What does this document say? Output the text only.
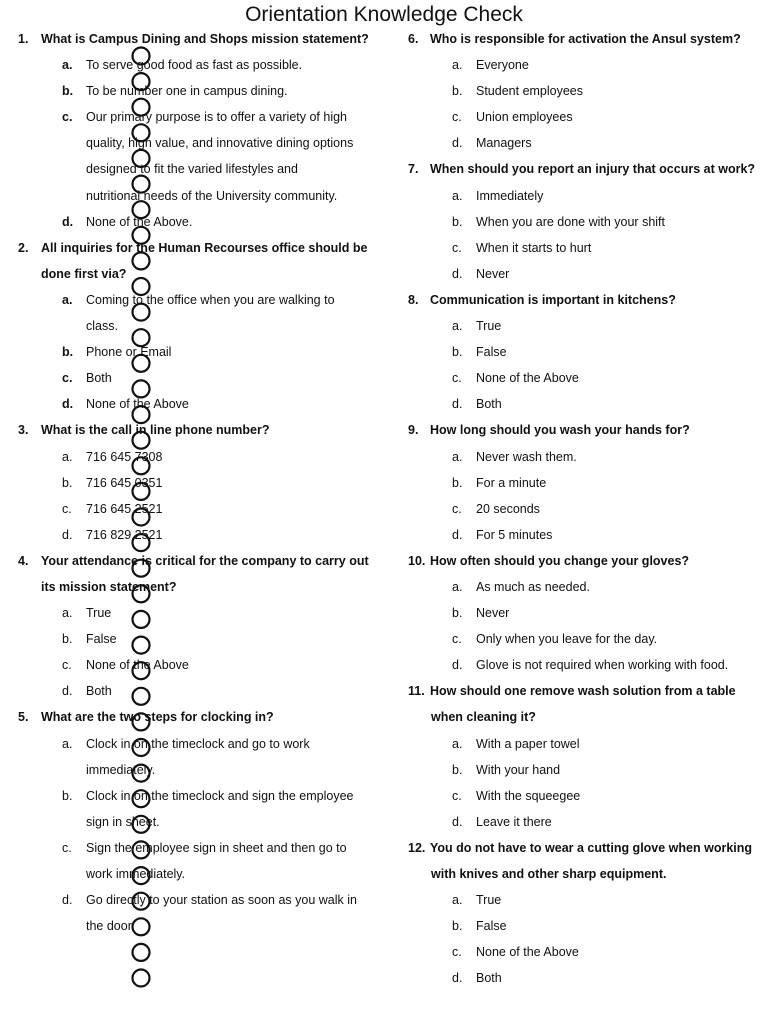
Orientation Knowledge Check
1. What is Campus Dining and Shops mission statement?
a. To serve good food as fast as possible.
b. To be number one in campus dining.
c. Our primary purpose is to offer a variety of high
quality, high value, and innovative dining options
designed to fit the varied lifestyles and
nutritional needs of the University community.
d. None of the Above.
2. All inquiries for the Human Recourses office should be
done first via?
a. Coming to the office when you are walking to
class.
b. Phone or Email
c. Both
d. None of the Above
3. What is the call in line phone number?
a. 716 645 7308
b. 716 645 0351
c. 716 645 2521
d. 716 829 2521
4. Your attendance is critical for the company to carry out
its mission statement?
a. True
b. False
c. None of the Above
d. Both
5. What are the two steps for clocking in?
a. Clock in on the timeclock and go to work
immediately.
b. Clock in on the timeclock and sign the employee
sign in sheet.
c. Sign the employee sign in sheet and then go to
work immediately.
d. Go directly to your station as soon as you walk in
the door.
6. Who is responsible for activation the Ansul system?
a. Everyone
b. Student employees
c. Union employees
d. Managers
7. When should you report an injury that occurs at work?
a. Immediately
b. When you are done with your shift
c. When it starts to hurt
d. Never
8. Communication is important in kitchens?
a. True
b. False
c. None of the Above
d. Both
9. How long should you wash your hands for?
a. Never wash them.
b. For a minute
c. 20 seconds
d. For 5 minutes
10. How often should you change your gloves?
a. As much as needed.
b. Never
c. Only when you leave for the day.
d. Glove is not required when working with food.
11. How should one remove wash solution from a table
when cleaning it?
a. With a paper towel
b. With your hand
c. With the squeegee
d. Leave it there
12. You do not have to wear a cutting glove when working
with knives and other sharp equipment.
a. True
b. False
c. None of the Above
d. Both
